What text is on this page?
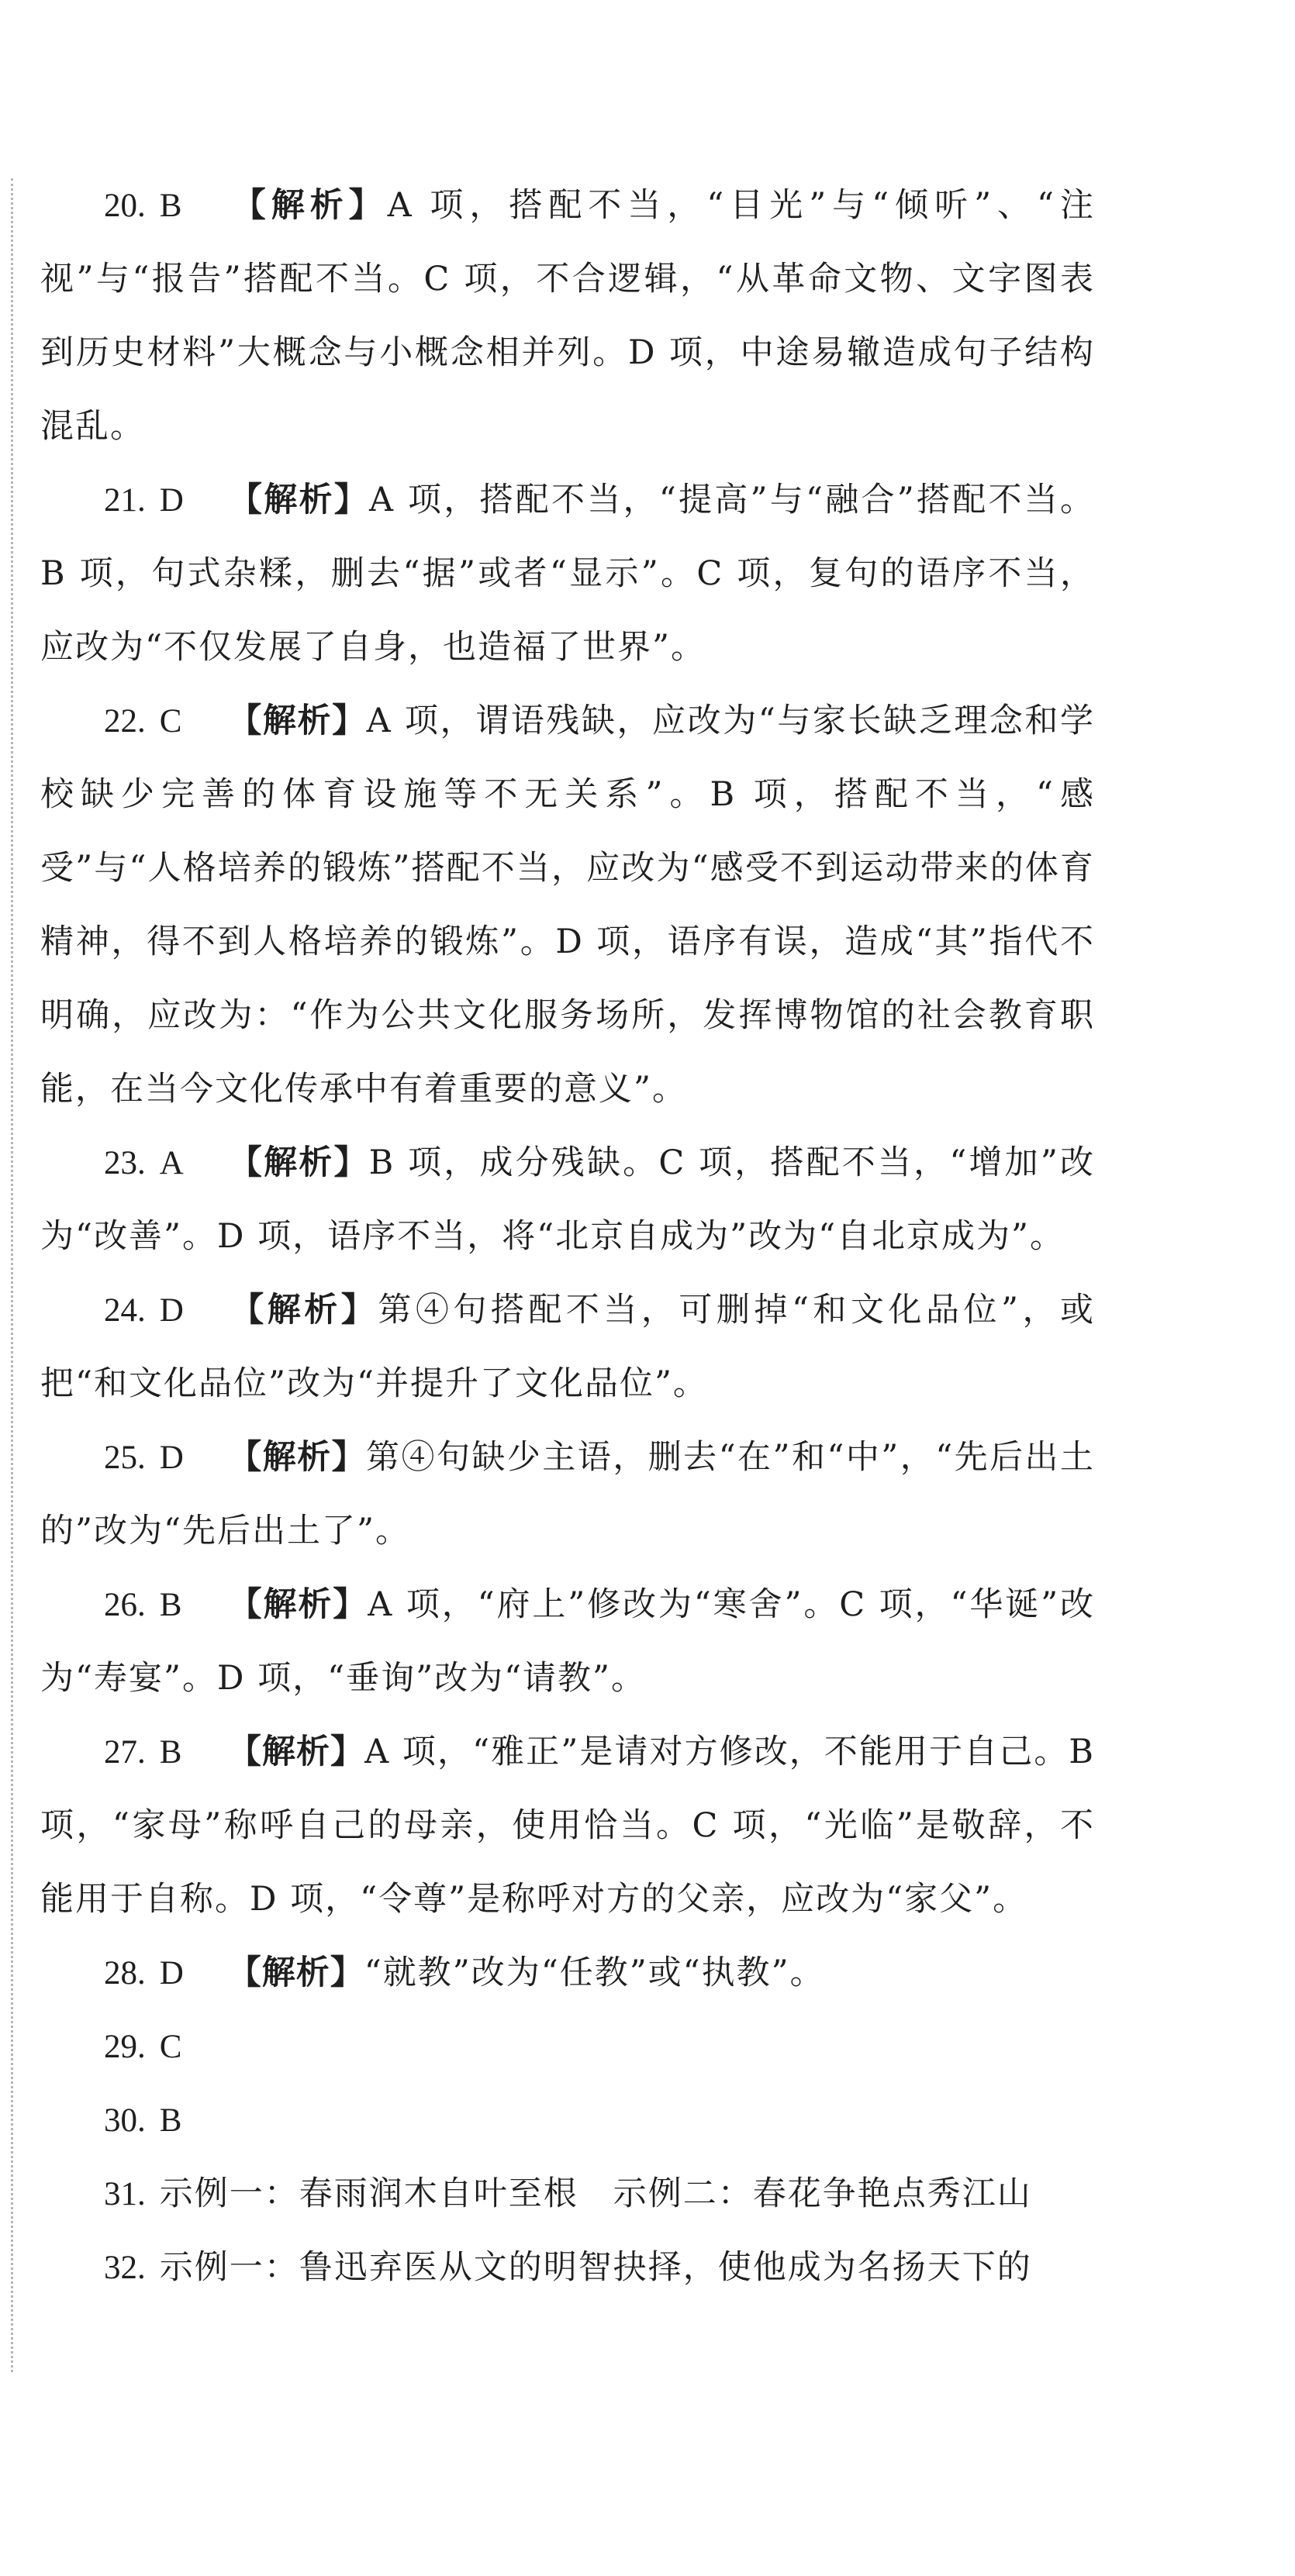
20. B 【解析】A 项，搭配不当，“目光”与“倾听”、“注视”与“报告”搭配不当。C 项，不合逻辑，“从革命文物、文字图表到历史材料”大概念与小概念相并列。D 项，中途易辙造成句子结构混乱。

21. D 【解析】A 项，搭配不当，“提高”与“融合”搭配不当。B 项，句式杂糅，删去“据”或者“显示”。C 项，复句的语序不当，应改为“不仅发展了自身，也造福了世界”。

22. C 【解析】A 项，谓语残缺，应改为“与家长缺乏理念和学校缺少完善的体育设施等不无关系”。B 项，搭配不当，“感受”与“人格培养的锻炼”搭配不当，应改为“感受不到运动带来的体育精神，得不到人格培养的锻炼”。D 项，语序有误，造成“其”指代不明确，应改为：“作为公共文化服务场所，发挥博物馆的社会教育职能，在当今文化传承中有着重要的意义”。

23. A 【解析】B 项，成分残缺。C 项，搭配不当，“增加”改为“改善”。D 项，语序不当，将“北京自成为”改为“自北京成为”。

24. D 【解析】第④句搭配不当，可删掉“和文化品位”，或把“和文化品位”改为“并提升了文化品位”。

25. D 【解析】第④句缺少主语，删去“在”和“中”，“先后出土的”改为“先后出土了”。

26. B 【解析】A 项，“府上”修改为“寒舍”。C 项，“华诞”改为“寿宴”。D 项，“垂询”改为“请教”。

27. B 【解析】A 项，“雅正”是请对方修改，不能用于自己。B 项，“家母”称呼自己的母亲，使用恰当。C 项，“光临”是敬辞，不能用于自称。D 项，“令尊”是称呼对方的父亲，应改为“家父”。

28. D 【解析】“就教”改为“任教”或“执教”。

29. C

30. B

31. 示例一：春雨润木自叶至根　示例二：春花争艳点秀江山

32. 示例一：鲁迅弃医从文的明智抉择，使他成为名扬天下的
